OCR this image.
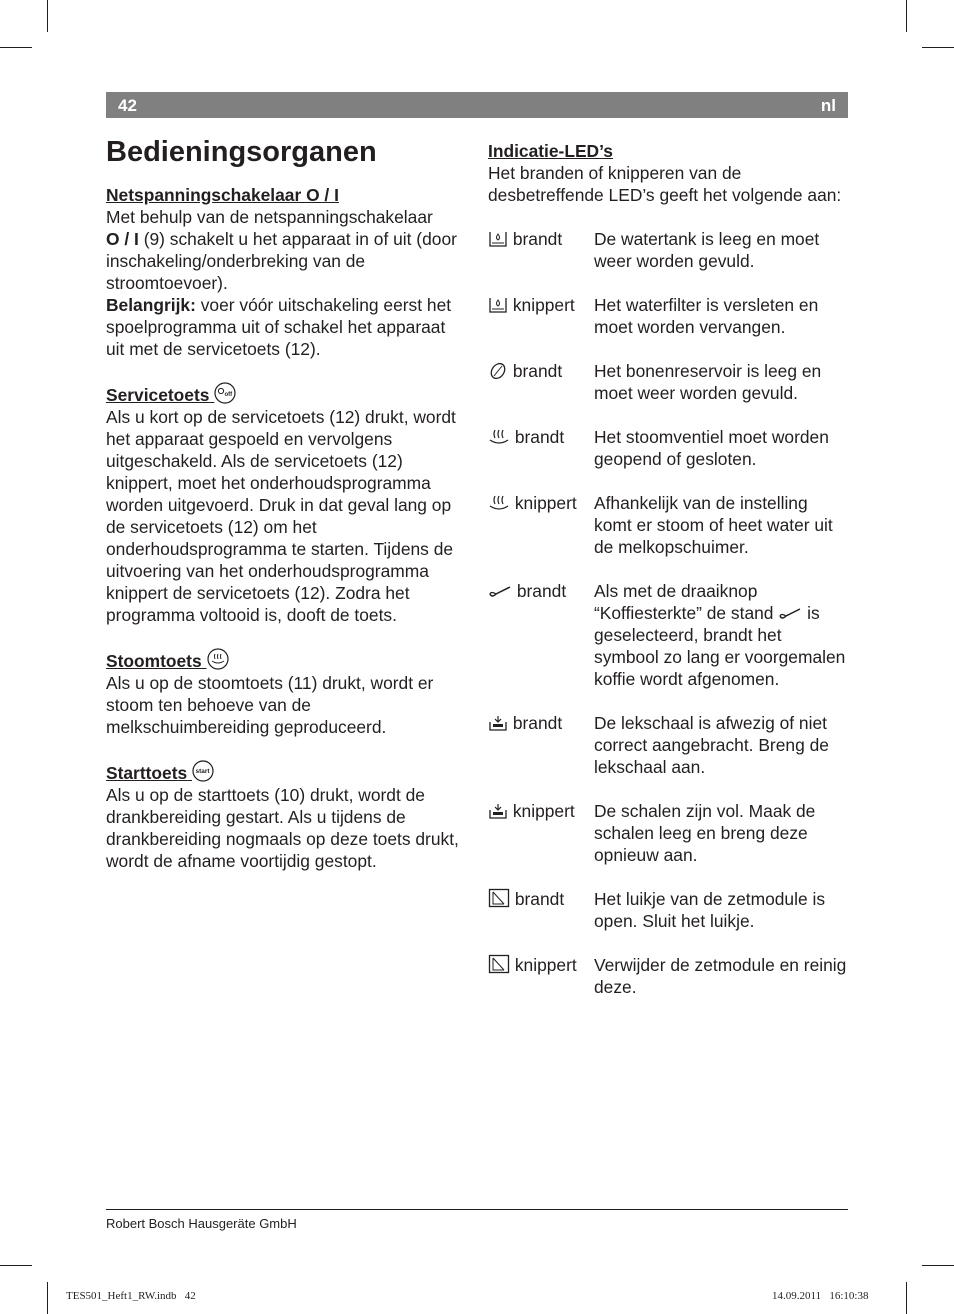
42	nl
Bedieningsorganen

Netspanningschakelaar O / I

Met behulp van de netspanningschakelaar
O / I (9) schakelt u het apparaat in of uit (door inschakeling/onderbreking van de stroomtoevoer).

Belangrijk: voer vóór uitschakeling eerst het spoelprogramma uit of schakel het apparaat uit met de servicetoets (12).

Servicetoets	off

Als u kort op de servicetoets (12) drukt, wordt het apparaat gespoeld en vervolgens uitgeschakeld. Als de servicetoets (12) knippert, moet het onderhoudsprogramma worden uitgevoerd. Druk in dat geval lang op de servicetoets (12) om het onderhoudsprogramma te starten. Tijdens de uitvoering van het onderhoudsprogramma knippert de servicetoets (12). Zodra het programma voltooid is, dooft de toets.

Stoomtoets

Als u op de stoomtoets (11) drukt, wordt er stoom ten behoeve van de melkschuimbereiding geproduceerd.

Starttoets start

Als u op de starttoets (10) drukt, wordt de drankbereiding gestart. Als u tijdens de drankbereiding nogmaals op deze toets drukt, wordt de afname voortijdig gestopt.

Indicatie-LED’s

Het branden of knipperen van de desbetreffende LED’s geeft het volgende aan:

brandt De watertank is leeg en moet weer worden gevuld.
knippert Het waterfilter is versleten en moet worden vervangen.
brandt Het bonenreservoir is leeg en moet weer worden gevuld.
brandt Het stoomventiel moet worden geopend of gesloten.
knippert Afhankelijk van de instelling komt er stoom of heet water uit de melkopschuimer.
brandt Als met de draaiknop “Koffiesterkte” de stand
is geselecteerd, brandt het symbool zo lang er voorgemalen koffie wordt afgenomen.
brandt De lekschaal is afwezig of niet correct aangebracht. Breng de lekschaal aan.
knippert De schalen zijn vol. Maak de schalen leeg en breng deze opnieuw aan.
brandt Het luikje van de zetmodule is open. Sluit het luikje.
knippert Verwijder de zetmodule en reinig deze.
Robert Bosch Hausgeräte GmbH
TES501_Heft1_RW.indb   42	14.09.2011   16:10:38
